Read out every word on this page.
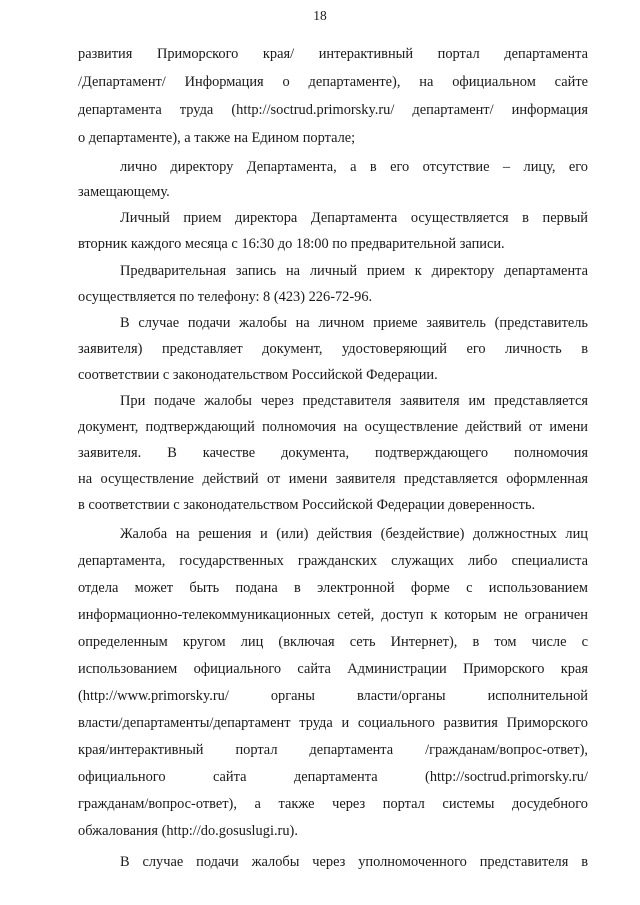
18
развития Приморского края/ интерактивный портал департамента
/Департамент/ Информация о департаменте), на официальном сайте
департамента труда (http://soctrud.primorsky.ru/ департамент/ информация
о департаменте), а также на Едином портале;
лично директору Департамента, а в его отсутствие – лицу, его
замещающему.
Личный прием директора Департамента осуществляется в первый
вторник каждого месяца с 16:30 до 18:00 по предварительной записи.
Предварительная запись на личный прием к директору департамента
осуществляется по телефону: 8 (423) 226-72-96.
В случае подачи жалобы на личном приеме заявитель (представитель
заявителя) представляет документ, удостоверяющий его личность в
соответствии с законодательством Российской Федерации.
При подаче жалобы через представителя заявителя им представляется
документ, подтверждающий полномочия на осуществление действий от имени
заявителя. В качестве документа, подтверждающего полномочия
на осуществление действий от имени заявителя представляется оформленная
в соответствии с законодательством Российской Федерации доверенность.
Жалоба на решения и (или) действия (бездействие) должностных лиц
департамента, государственных гражданских служащих либо специалиста
отдела может быть подана в электронной форме с использованием
информационно-телекоммуникационных сетей, доступ к которым не ограничен
определенным кругом лиц (включая сеть Интернет), в том числе с
использованием официального сайта Администрации Приморского края
(http://www.primorsky.ru/ органы власти/органы исполнительной
власти/департаменты/департамент труда и социального развития Приморского
края/интерактивный портал департамента /гражданам/вопрос-ответ),
официального сайта департамента (http://soctrud.primorsky.ru/
гражданам/вопрос-ответ), а также через портал системы досудебного
обжалования (http://do.gosuslugi.ru).
В случае подачи жалобы через уполномоченного представителя в
